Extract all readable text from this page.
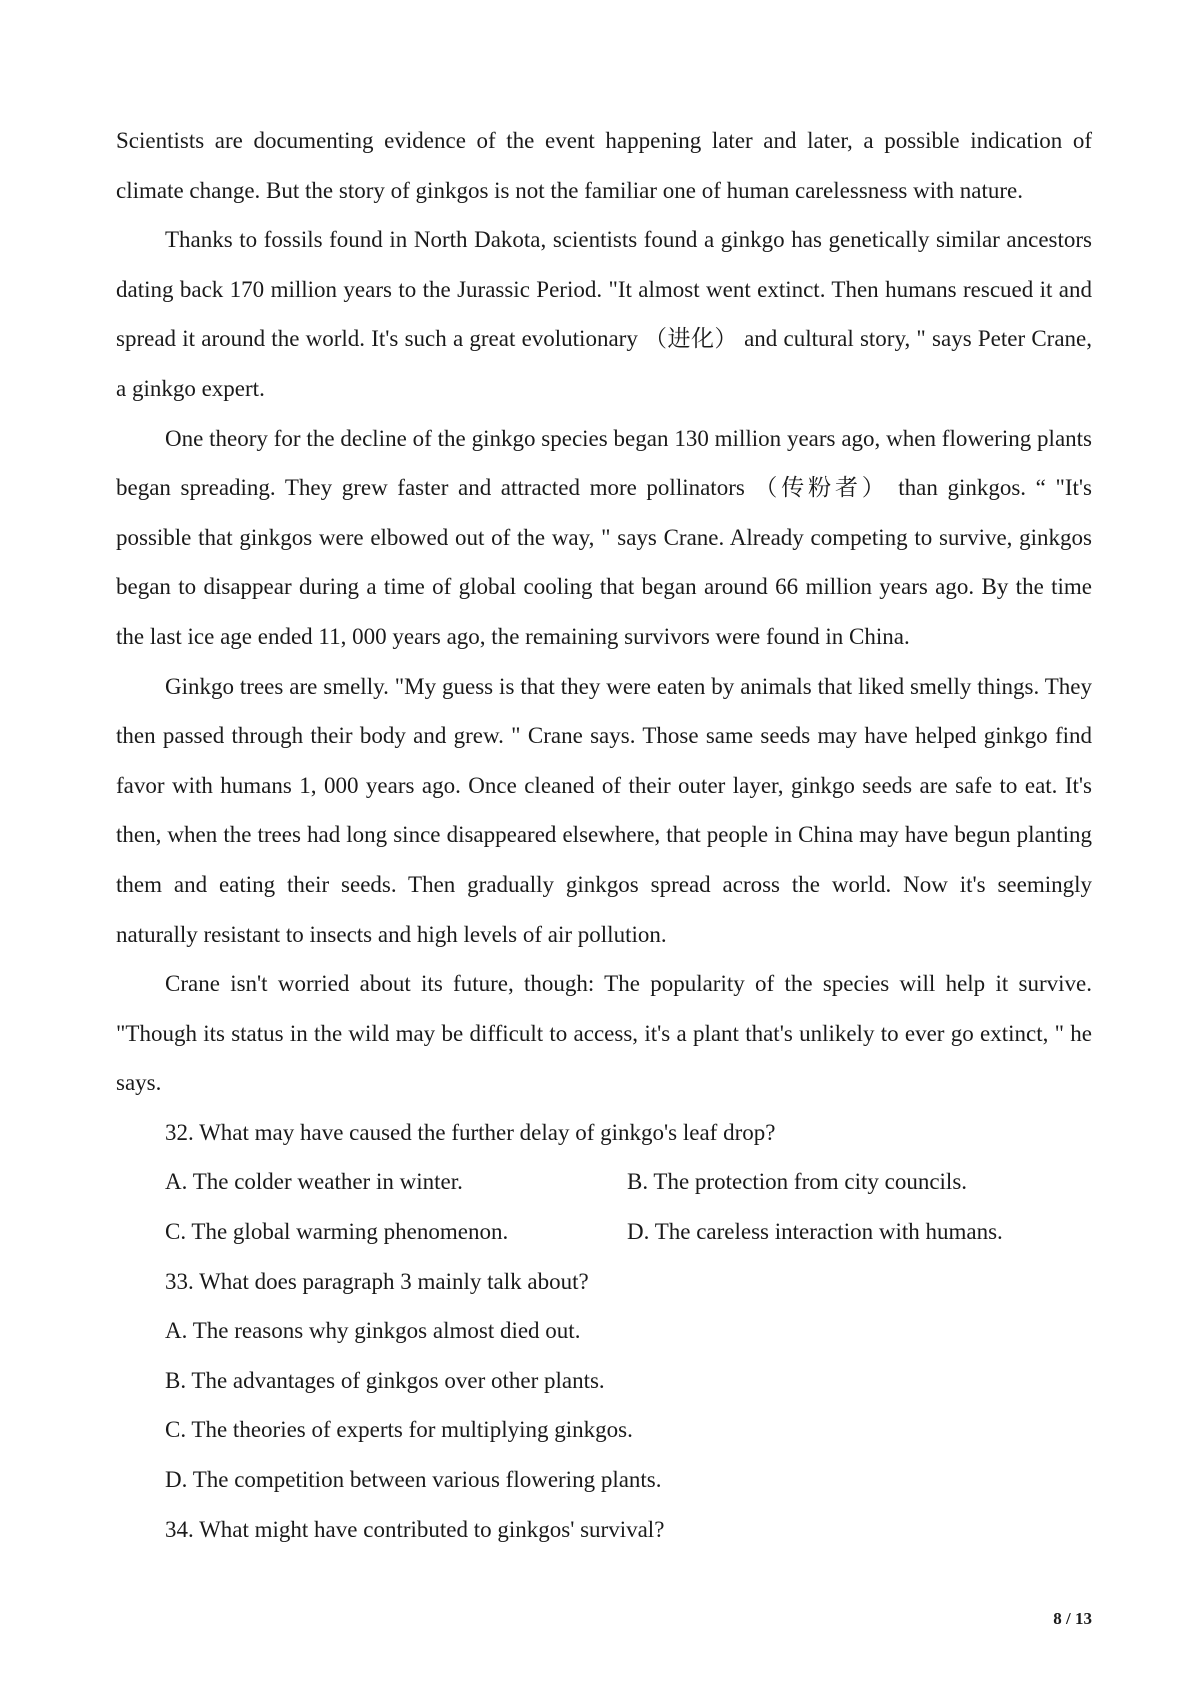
Scientists are documenting evidence of the event happening later and later, a possible indication of climate change. But the story of ginkgos is not the familiar one of human carelessness with nature.

Thanks to fossils found in North Dakota, scientists found a ginkgo has genetically similar ancestors dating back 170 million years to the Jurassic Period. "It almost went extinct. Then humans rescued it and spread it around the world. It's such a great evolutionary （进化） and cultural story, " says Peter Crane, a ginkgo expert.

One theory for the decline of the ginkgo species began 130 million years ago, when flowering plants began spreading. They grew faster and attracted more pollinators （传粉者） than ginkgos. “ "It's possible that ginkgos were elbowed out of the way, " says Crane. Already competing to survive, ginkgos began to disappear during a time of global cooling that began around 66 million years ago. By the time the last ice age ended 11, 000 years ago, the remaining survivors were found in China.

Ginkgo trees are smelly. "My guess is that they were eaten by animals that liked smelly things. They then passed through their body and grew. " Crane says. Those same seeds may have helped ginkgo find favor with humans 1, 000 years ago. Once cleaned of their outer layer, ginkgo seeds are safe to eat. It's then, when the trees had long since disappeared elsewhere, that people in China may have begun planting them and eating their seeds. Then gradually ginkgos spread across the world. Now it's seemingly naturally resistant to insects and high levels of air pollution.

Crane isn't worried about its future, though: The popularity of the species will help it survive. "Though its status in the wild may be difficult to access, it's a plant that's unlikely to ever go extinct, " he says.

32. What may have caused the further delay of ginkgo's leaf drop?

A. The colder weather in winter.	B. The protection from city councils.
C. The global warming phenomenon.	D. The careless interaction with humans.

33. What does paragraph 3 mainly talk about?

A. The reasons why ginkgos almost died out.

B. The advantages of ginkgos over other plants.

C. The theories of experts for multiplying ginkgos.

D. The competition between various flowering plants.

34. What might have contributed to ginkgos' survival?

8 / 13
